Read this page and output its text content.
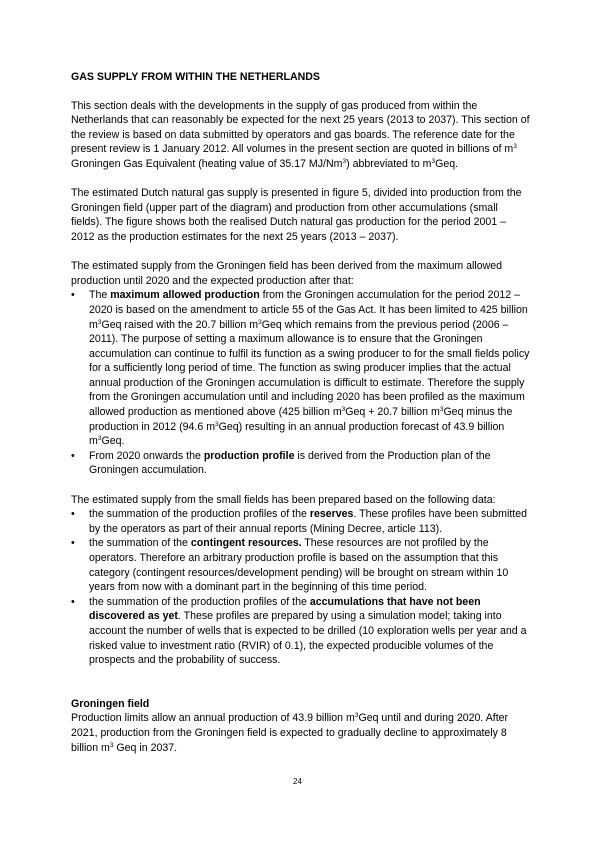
GAS SUPPLY FROM WITHIN THE NETHERLANDS

This section deals with the developments in the supply of gas produced from within the Netherlands that can reasonably be expected for the next 25 years (2013 to 2037). This section of the review is based on data submitted by operators and gas boards. The reference date for the present review is 1 January 2012. All volumes in the present section are quoted in billions of $m^3$ Groningen Gas Equivalent (heating value of 35.17 MJ/Nm$^3$) abbreviated to $m^3Geq$.

The estimated Dutch natural gas supply is presented in figure 5, divided into production from the Groningen field (upper part of the diagram) and production from other accumulations (small fields). The figure shows both the realised Dutch natural gas production for the period 2001 – 2012 as the production estimates for the next 25 years (2013 – 2037).

The estimated supply from the Groningen field has been derived from the maximum allowed production until 2020 and the expected production after that:

• The maximum allowed production from the Groningen accumulation for the period 2012 – 2020 is based on the amendment to article 55 of the Gas Act. It has been limited to 425 billion $m^3Geq$ raised with the 20.7 billion $m^3Geq$ which remains from the previous period (2006 – 2011). The purpose of setting a maximum allowance is to ensure that the Groningen accumulation can continue to fulfil its function as a swing producer to for the small fields policy for a sufficiently long period of time. The function as swing producer implies that the actual annual production of the Groningen accumulation is difficult to estimate. Therefore the supply from the Groningen accumulation until and including 2020 has been profiled as the maximum allowed production as mentioned above (425 billion $m^3Geq + 20.7$ billion $m^3Geq$ minus the production in 2012 (94.6 $m^3Geq$) resulting in an annual production forecast of 43.9 billion $m^3Geq$.
• From 2020 onwards the production profile is derived from the Production plan of the Groningen accumulation.

The estimated supply from the small fields has been prepared based on the following data:

• the summation of the production profiles of the reserves. These profiles have been submitted by the operators as part of their annual reports (Mining Decree, article 113).
• the summation of the contingent resources. These resources are not profiled by the operators. Therefore an arbitrary production profile is based on the assumption that this category (contingent resources/development pending) will be brought on stream within 10 years from now with a dominant part in the beginning of this time period.
• the summation of the production profiles of the accumulations that have not been discovered as yet. These profiles are prepared by using a simulation model; taking into account the number of wells that is expected to be drilled (10 exploration wells per year and a risked value to investment ratio (RVIR) of 0.1), the expected producible volumes of the prospects and the probability of success.

Groningen field

Production limits allow an annual production of 43.9 billion $m^3Geq$ until and during 2020. After 2021, production from the Groningen field is expected to gradually decline to approximately 8 billion $m^3$ Geq in 2037.

24
